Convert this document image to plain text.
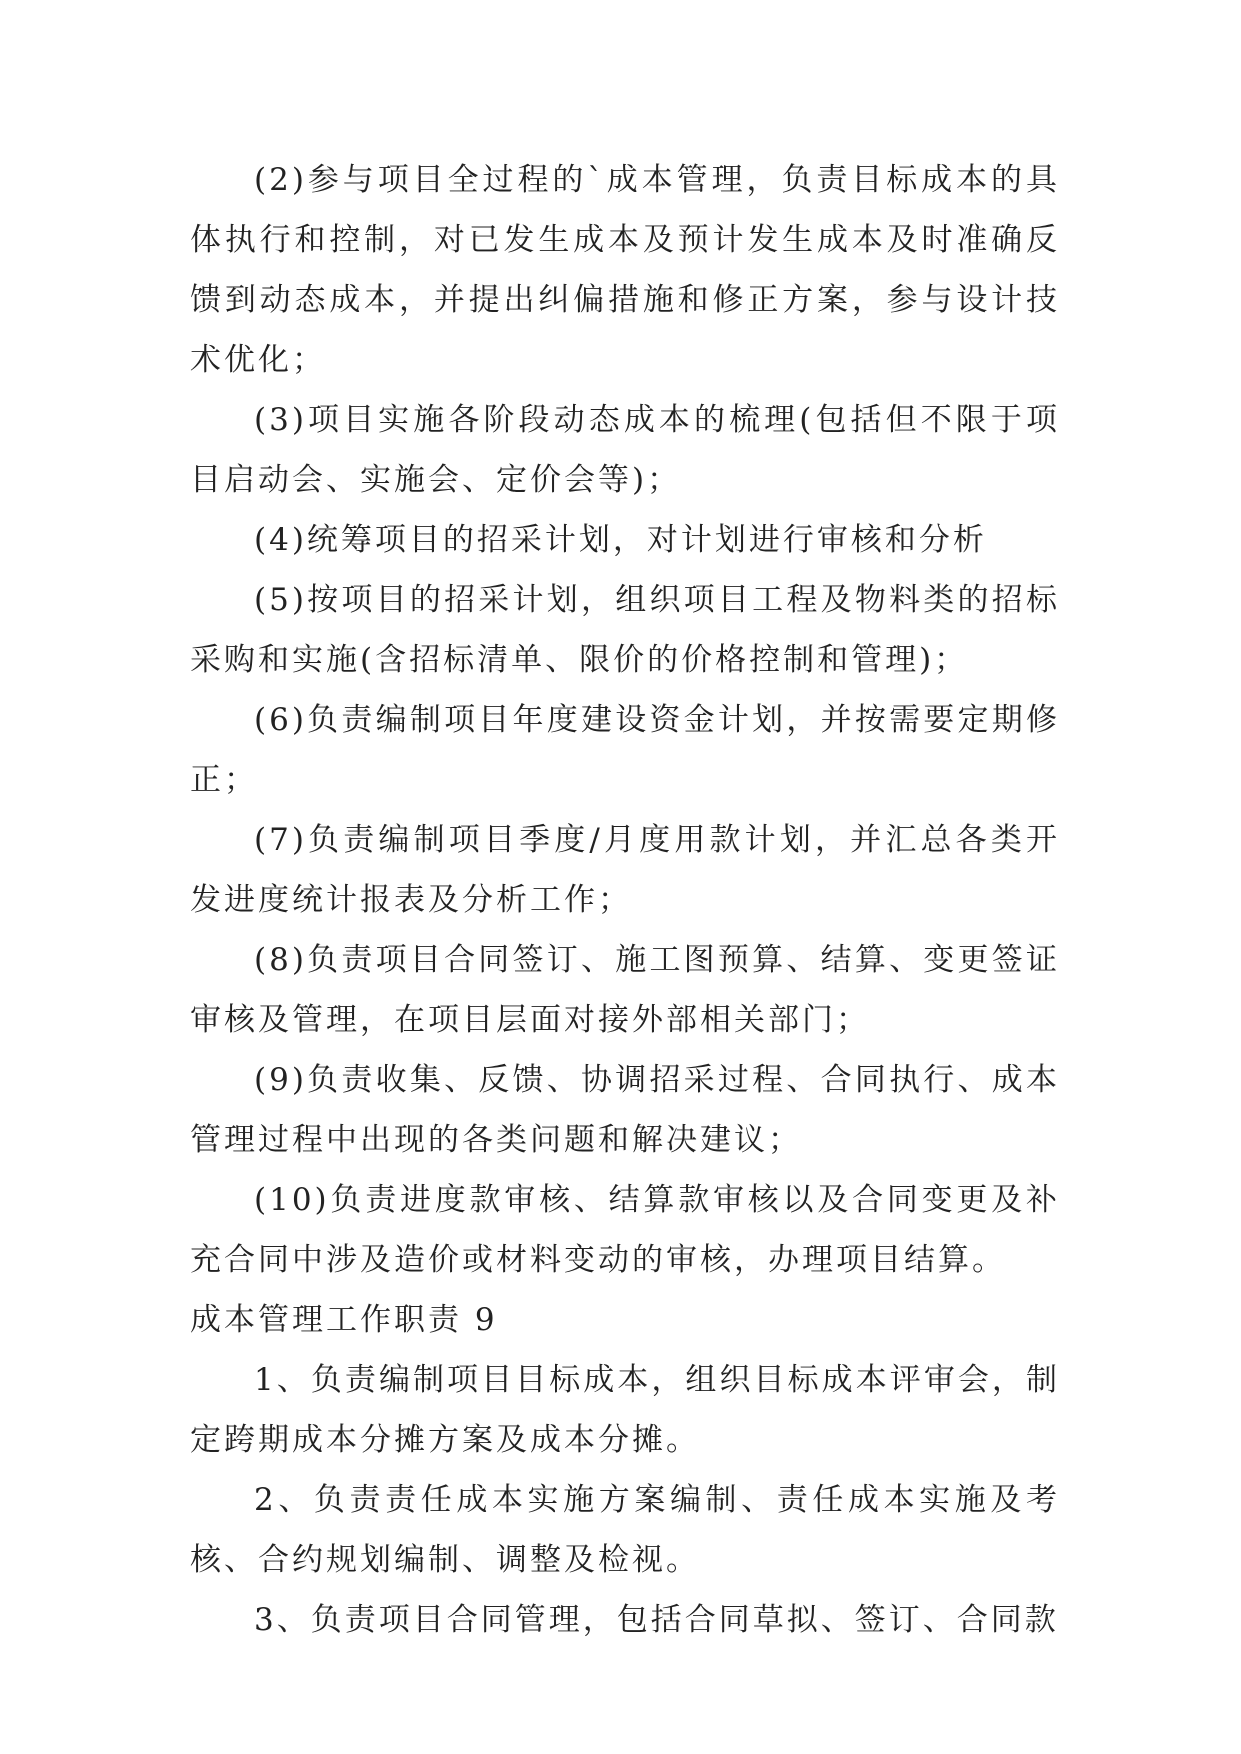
(2)参与项目全过程的`成本管理，负责目标成本的具体执行和控制，对已发生成本及预计发生成本及时准确反馈到动态成本，并提出纠偏措施和修正方案，参与设计技术优化；

(3)项目实施各阶段动态成本的梳理(包括但不限于项目启动会、实施会、定价会等)；

(4)统筹项目的招采计划，对计划进行审核和分析

(5)按项目的招采计划，组织项目工程及物料类的招标采购和实施(含招标清单、限价的价格控制和管理)；

(6)负责编制项目年度建设资金计划，并按需要定期修正；

(7)负责编制项目季度/月度用款计划，并汇总各类开发进度统计报表及分析工作；

(8)负责项目合同签订、施工图预算、结算、变更签证审核及管理，在项目层面对接外部相关部门；

(9)负责收集、反馈、协调招采过程、合同执行、成本管理过程中出现的各类问题和解决建议；

(10)负责进度款审核、结算款审核以及合同变更及补充合同中涉及造价或材料变动的审核，办理项目结算。

成本管理工作职责 9

1、负责编制项目目标成本，组织目标成本评审会，制定跨期成本分摊方案及成本分摊。

2、负责责任成本实施方案编制、责任成本实施及考核、合约规划编制、调整及检视。

3、负责项目合同管理，包括合同草拟、签订、合同款
